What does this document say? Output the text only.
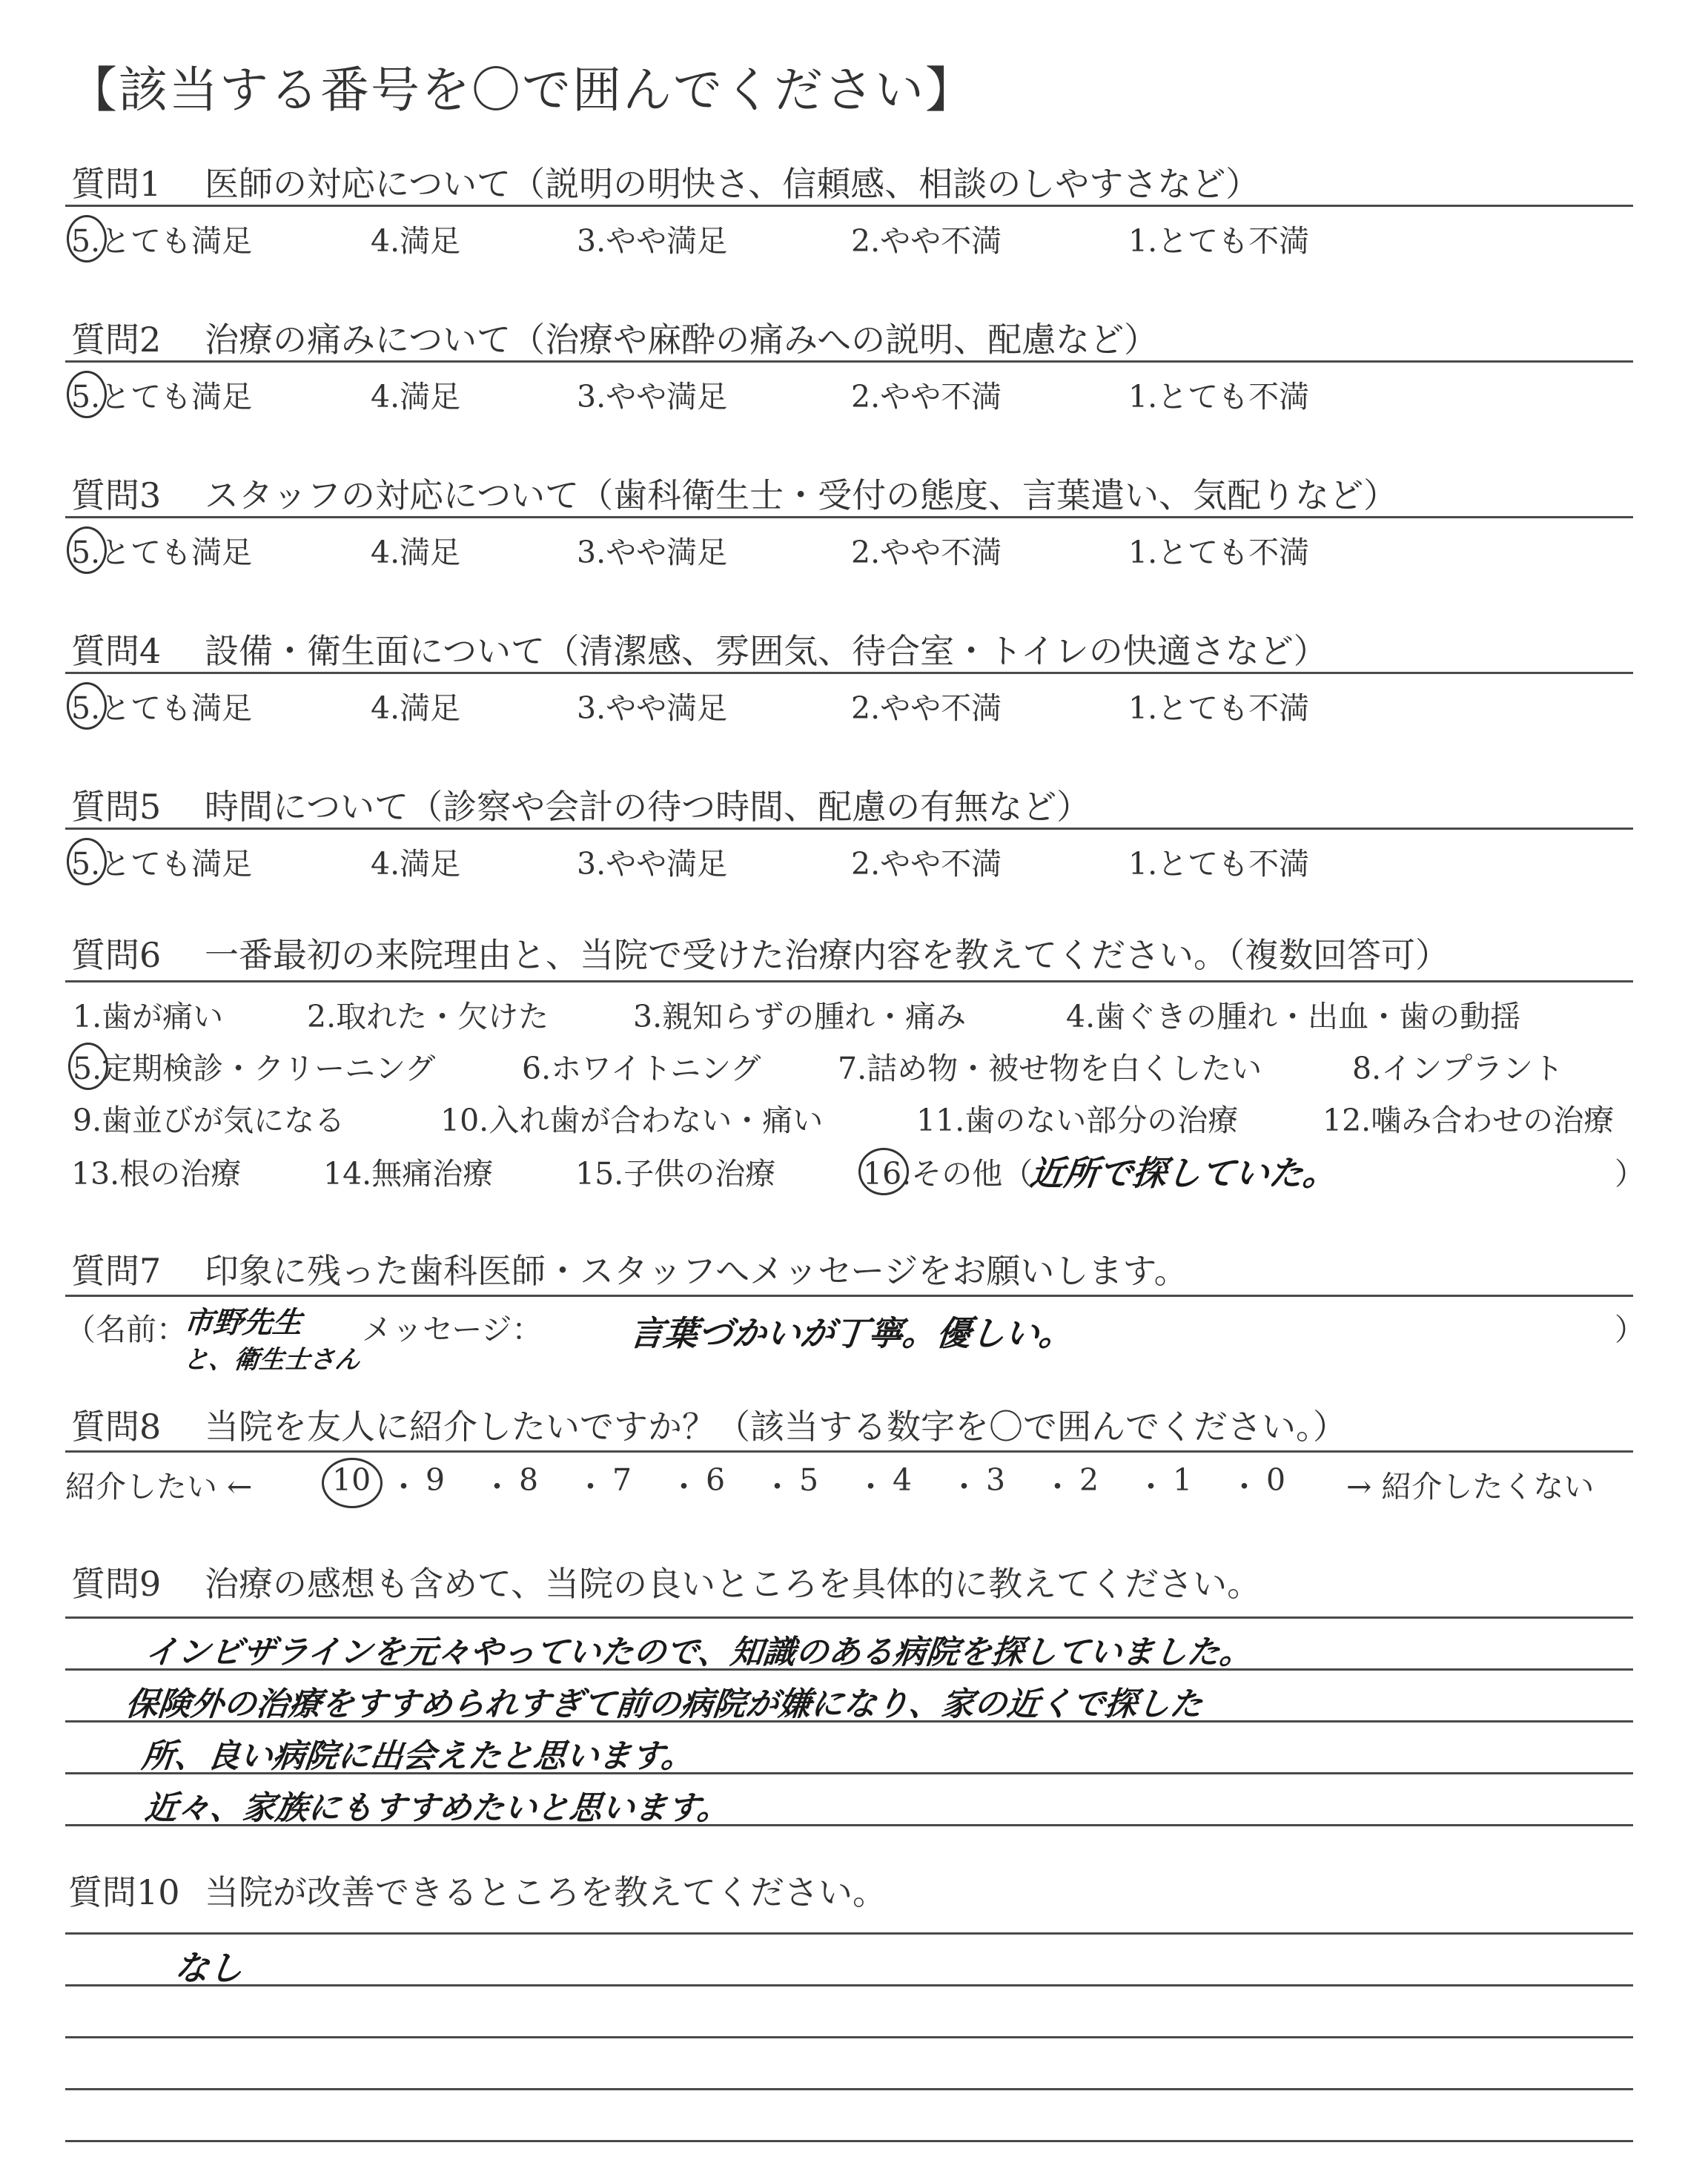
【該当する番号を〇で囲んでください】
質問1 医師の対応について（説明の明快さ、信頼感、相談のしやすさなど）
5.とても満足	4.満足	3.やや満足	2.やや不満	1.とても不満
質問2 治療の痛みについて（治療や麻酔の痛みへの説明、配慮など）
5.とても満足	4.満足	3.やや満足	2.やや不満	1.とても不満
質問3 スタッフの対応について（歯科衛生士・受付の態度、言葉遣い、気配りなど）
5.とても満足	4.満足	3.やや満足	2.やや不満	1.とても不満
質問4 設備・衛生面について（清潔感、雰囲気、待合室・トイレの快適さなど）
5.とても満足	4.満足	3.やや満足	2.やや不満	1.とても不満
質問5 時間について（診察や会計の待つ時間、配慮の有無など）
5.とても満足	4.満足	3.やや満足	2.やや不満	1.とても不満
質問6 一番最初の来院理由と、当院で受けた治療内容を教えてください。（複数回答可）
1.歯が痛い	2.取れた・欠けた	3.親知らずの腫れ・痛み	4.歯ぐきの腫れ・出血・歯の動揺
5.定期検診・クリーニング	6.ホワイトニング	7.詰め物・被せ物を白くしたい	8.インプラント
9.歯並びが気になる	10.入れ歯が合わない・痛い	11.歯のない部分の治療	12.噛み合わせの治療
13.根の治療	14.無痛治療	15.子供の治療	16.その他（	）
近所で探していた。
質問7 印象に残った歯科医師・スタッフへメッセージをお願いします。
（名前：
市野先生
と、衛生士さん
メッセージ：	言葉づかいが丁寧。優しい。	）
質問8 当院を友人に紹介したいですか？（該当する数字を〇で囲んでください。）
紹介したい ←	10 ・ 9 ・ 8 ・ 7 ・ 6 ・ 5 ・ 4 ・ 3 ・ 2 ・ 1 ・ 0 → 紹介したくない
質問9 治療の感想も含めて、当院の良いところを具体的に教えてください。
インビザラインを元々やっていたので、知識のある病院を探していました。
保険外の治療をすすめられすぎて前の病院が嫌になり、家の近くで探した
所、良い病院に出会えたと思います。
近々、家族にもすすめたいと思います。
質問10 当院が改善できるところを教えてください。
なし
